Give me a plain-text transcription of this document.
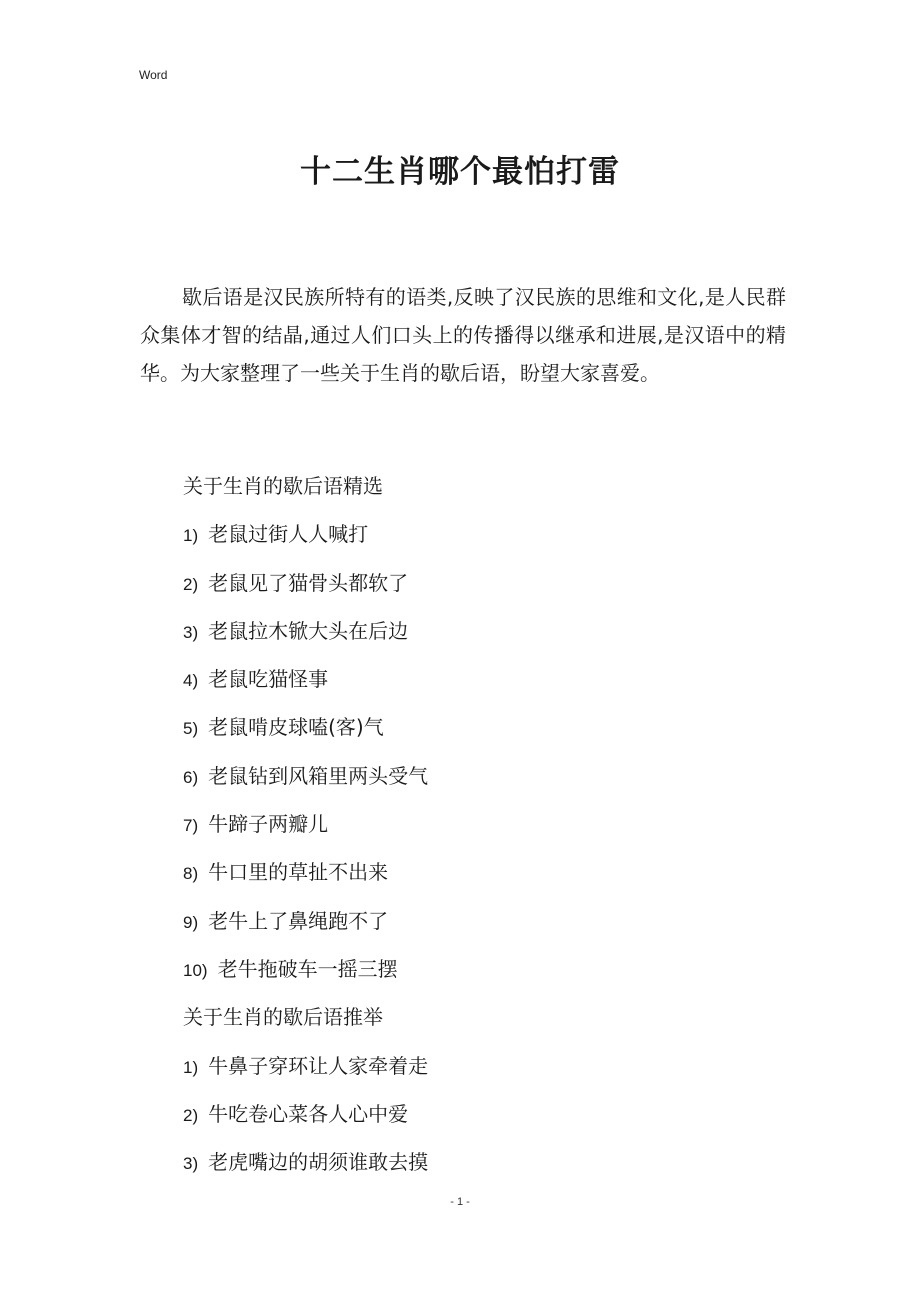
Word
十二生肖哪个最怕打雷

歇后语是汉民族所特有的语类,反映了汉民族的思维和文化,是人民群众集体才智的结晶,通过人们口头上的传播得以继承和进展,是汉语中的精华。为大家整理了一些关于生肖的歇后语，盼望大家喜爱。

关于生肖的歇后语精选
1) 老鼠过街人人喊打
2) 老鼠见了猫骨头都软了
3) 老鼠拉木锨大头在后边
4) 老鼠吃猫怪事
5) 老鼠啃皮球嗑(客)气
6) 老鼠钻到风箱里两头受气
7) 牛蹄子两瓣儿
8) 牛口里的草扯不出来
9) 老牛上了鼻绳跑不了
10) 老牛拖破车一摇三摆
关于生肖的歇后语推举
1) 牛鼻子穿环让人家牵着走
2) 牛吃卷心菜各人心中爱
3) 老虎嘴边的胡须谁敢去摸
- 1 -
